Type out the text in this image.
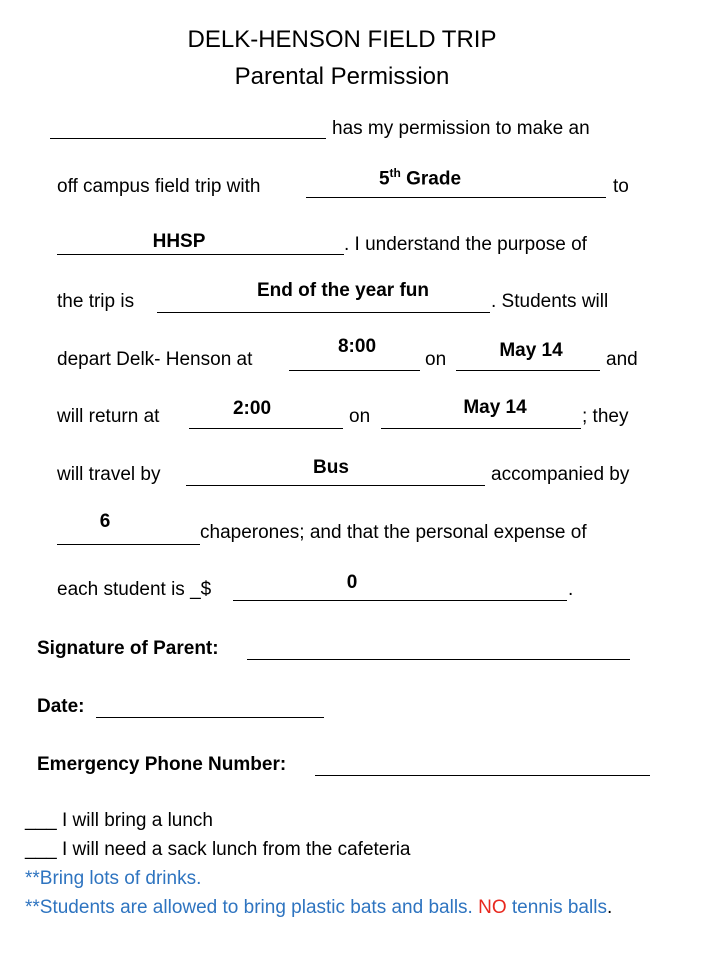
DELK-HENSON FIELD TRIP
Parental Permission
has my permission to make an
off campus field trip with	5th Grade	to
HHSP	. I understand the purpose of
the trip is
End of the year fun
. Students will
depart Delk- Henson at
8:00
on	May 14	and
will return at	2:00	on	May 14	; they
will travel by	Bus	accompanied by
6
chaperones; and that the personal expense of
each student is _$	0	.
Signature of Parent:
Date:
Emergency Phone Number:
___ I will bring a lunch
___ I will need a sack lunch from the cafeteria
**Bring lots of drinks.
**Students are allowed to bring plastic bats and balls. NO tennis balls.
